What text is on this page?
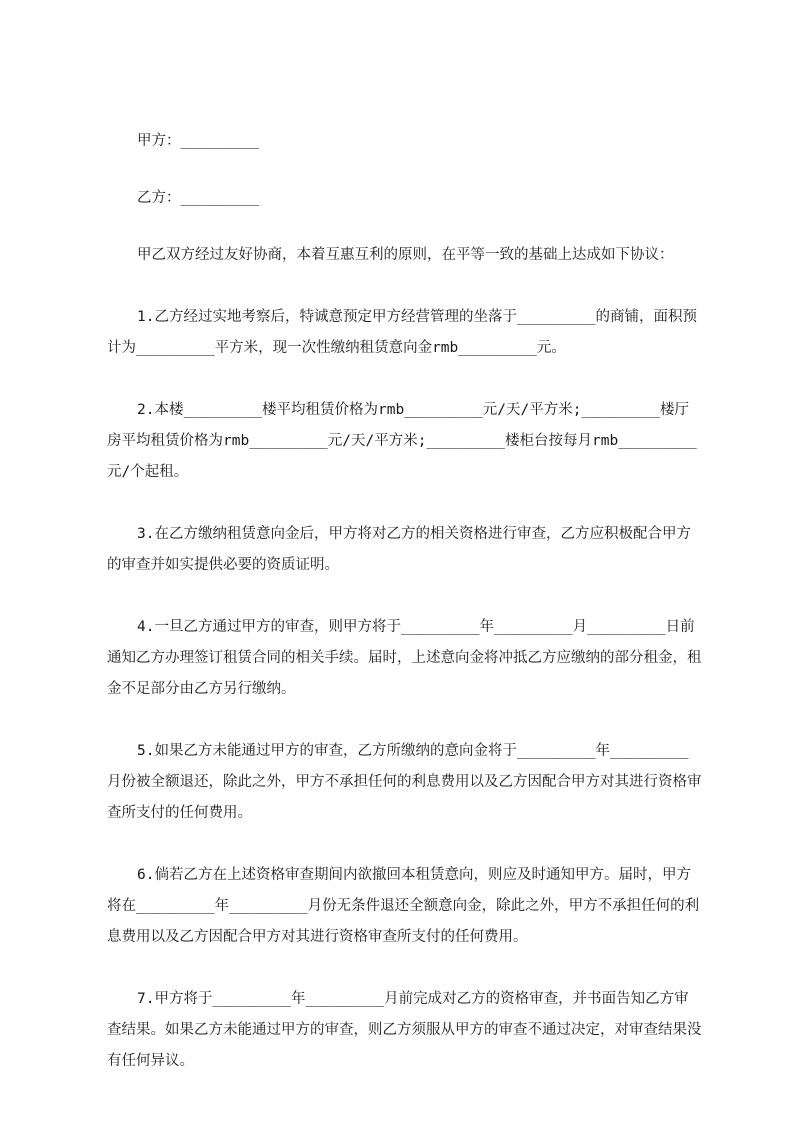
甲方：_________

乙方：_________

甲乙双方经过友好协商，本着互惠互利的原则，在平等一致的基础上达成如下协议：

1.乙方经过实地考察后，特诚意预定甲方经营管理的坐落于_________的商铺，面积预计为_________平方米，现一次性缴纳租赁意向金rmb_________元。

2.本楼_________楼平均租赁价格为rmb_________元/天/平方米;_________楼厅房平均租赁价格为rmb_________元/天/平方米;_________楼柜台按每月rmb_________元/个起租。

3.在乙方缴纳租赁意向金后，甲方将对乙方的相关资格进行审查，乙方应积极配合甲方的审查并如实提供必要的资质证明。

4.一旦乙方通过甲方的审查，则甲方将于_________年_________月_________日前通知乙方办理签订租赁合同的相关手续。届时，上述意向金将冲抵乙方应缴纳的部分租金，租金不足部分由乙方另行缴纳。

5.如果乙方未能通过甲方的审查，乙方所缴纳的意向金将于_________年_________月份被全额退还，除此之外，甲方不承担任何的利息费用以及乙方因配合甲方对其进行资格审查所支付的任何费用。

6.倘若乙方在上述资格审查期间内欲撤回本租赁意向，则应及时通知甲方。届时，甲方将在_________年_________月份无条件退还全额意向金，除此之外，甲方不承担任何的利息费用以及乙方因配合甲方对其进行资格审查所支付的任何费用。

7.甲方将于_________年_________月前完成对乙方的资格审查，并书面告知乙方审查结果。如果乙方未能通过甲方的审查，则乙方须服从甲方的审查不通过决定，对审查结果没有任何异议。
